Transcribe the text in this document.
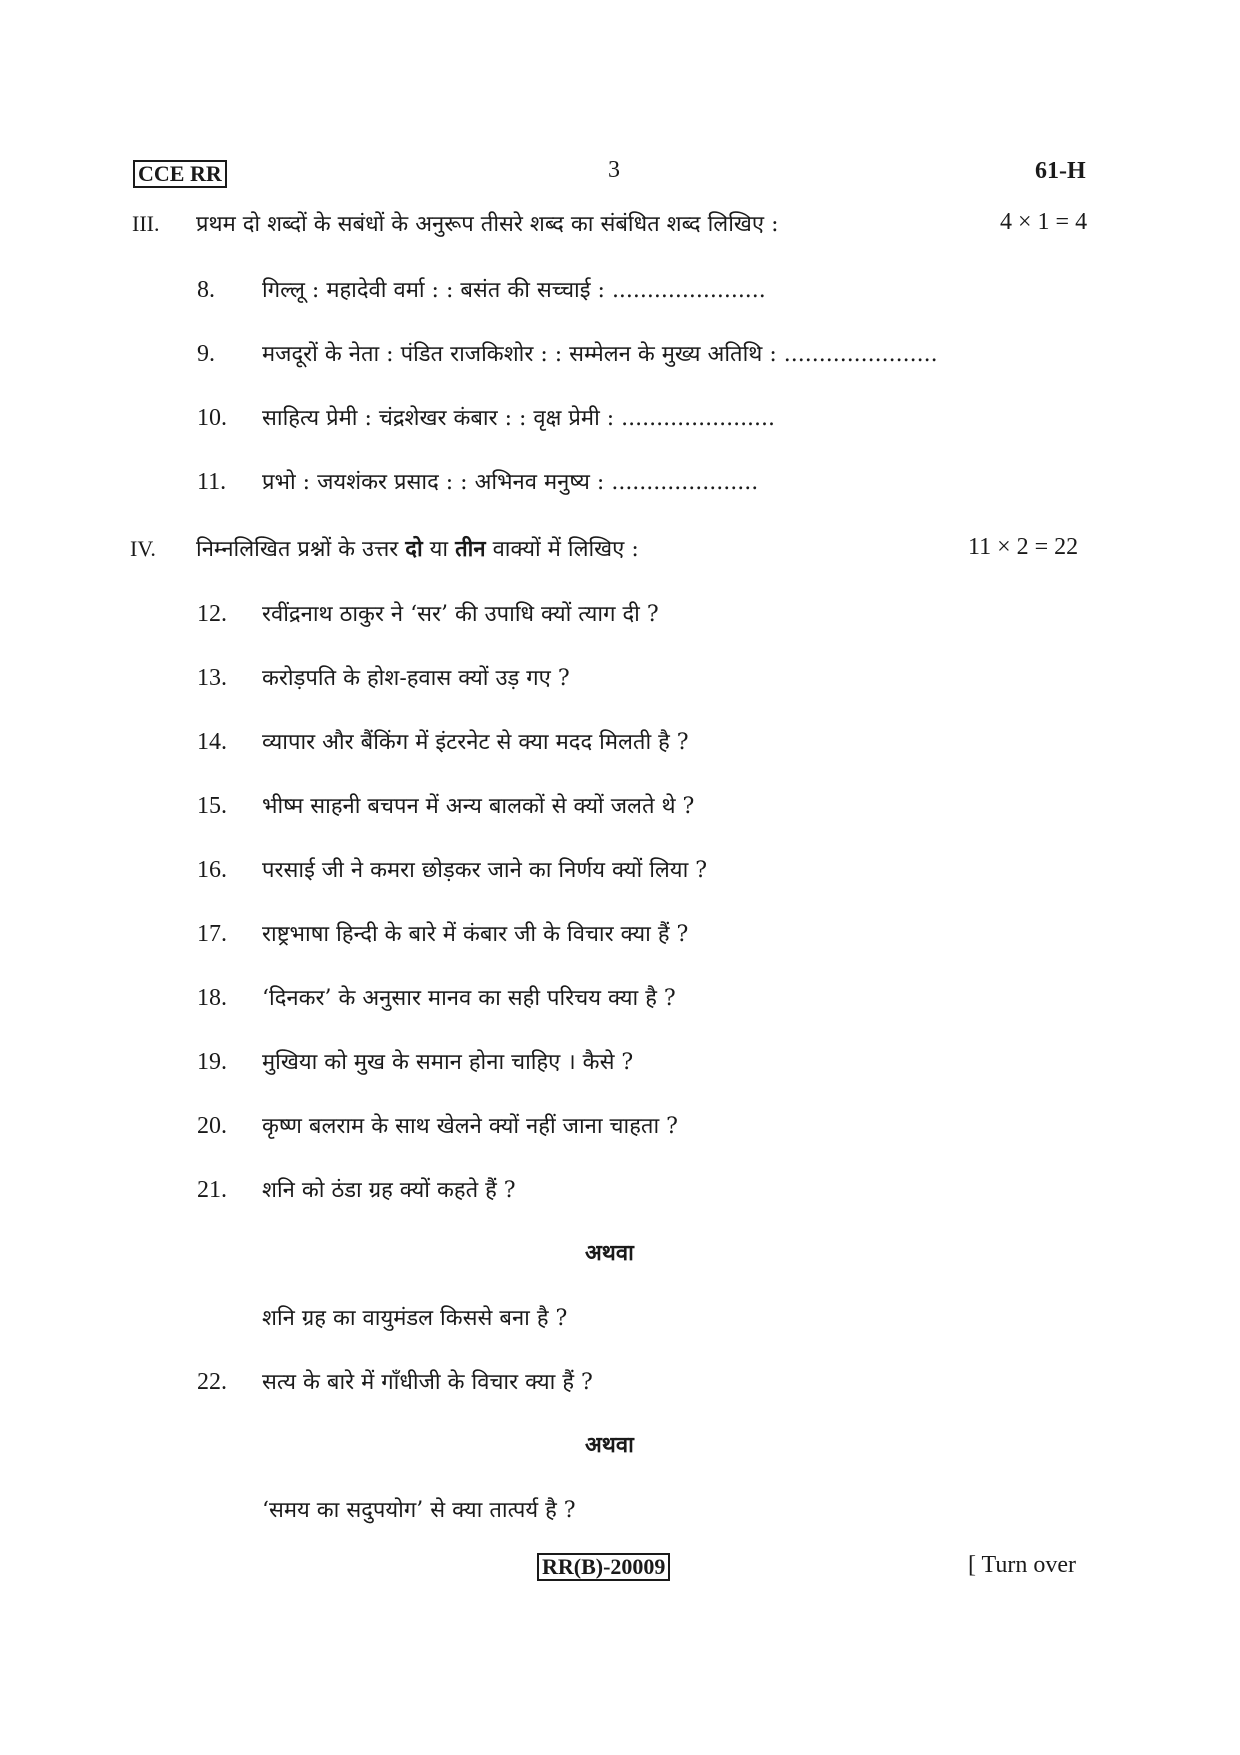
CCE RR	3	61-H
III. प्रथम दो शब्दों के सबंधों के अनुरूप तीसरे शब्द का संबंधित शब्द लिखिए :	4 × 1 = 4
8. गिल्लू : महादेवी वर्मा : : बसंत की सच्चाई : ......................
9. मजदूरों के नेता : पंडित राजकिशोर : : सम्मेलन के मुख्य अतिथि : ......................
10. साहित्य प्रेमी : चंद्रशेखर कंबार : : वृक्ष प्रेमी : ......................
11. प्रभो : जयशंकर प्रसाद : : अभिनव मनुष्य : .....................
IV. निम्नलिखित प्रश्नों के उत्तर दो या तीन वाक्यों में लिखिए :	11 × 2 = 22
12. रवींद्रनाथ ठाकुर ने ‘सर’ की उपाधि क्यों त्याग दी ?
13. करोड़पति के होश-हवास क्यों उड़ गए ?
14. व्यापार और बैंकिंग में इंटरनेट से क्या मदद मिलती है ?
15. भीष्म साहनी बचपन में अन्य बालकों से क्यों जलते थे ?
16. परसाई जी ने कमरा छोड़कर जाने का निर्णय क्यों लिया ?
17. राष्ट्रभाषा हिन्दी के बारे में कंबार जी के विचार क्या हैं ?
18. ‘दिनकर’ के अनुसार मानव का सही परिचय क्या है ?
19. मुखिया को मुख के समान होना चाहिए । कैसे ?
20. कृष्ण बलराम के साथ खेलने क्यों नहीं जाना चाहता ?
21. शनि को ठंडा ग्रह क्यों कहते हैं ?
अथवा
शनि ग्रह का वायुमंडल किससे बना है ?
22. सत्य के बारे में गाँधीजी के विचार क्या हैं ?
अथवा
‘समय का सदुपयोग’ से क्या तात्पर्य है ?
RR(B)-20009	[ Turn over
